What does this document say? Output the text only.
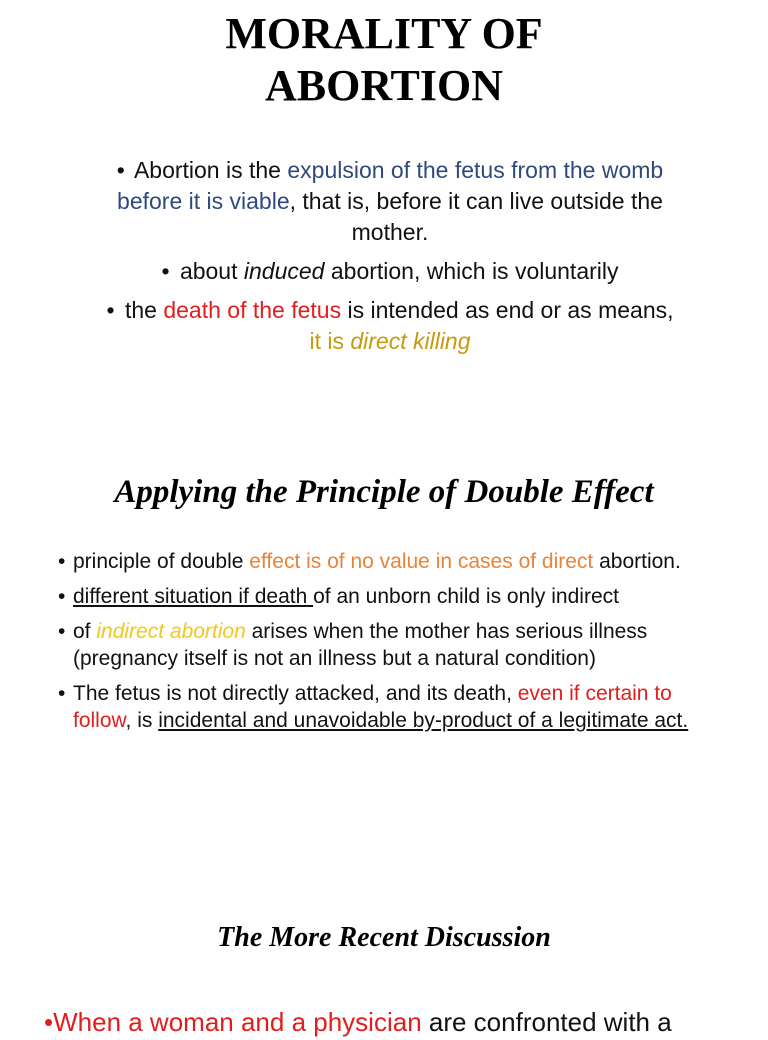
MORALITY OF
ABORTION
• Abortion is the expulsion of the fetus from the womb before it is viable, that is, before it can live outside the mother.
• about induced abortion, which is voluntarily
• the death of the fetus is intended as end or as means, it is direct killing
Applying the Principle of Double Effect
• principle of double effect is of no value in cases of direct abortion.
• different situation if death of an unborn child is only indirect
• of indirect abortion arises when the mother has serious illness (pregnancy itself is not an illness but a natural condition)
• The fetus is not directly attacked, and its death, even if certain to follow, is incidental and unavoidable by-product of a legitimate act.
The More Recent Discussion
•When a woman and a physician are confronted with a
